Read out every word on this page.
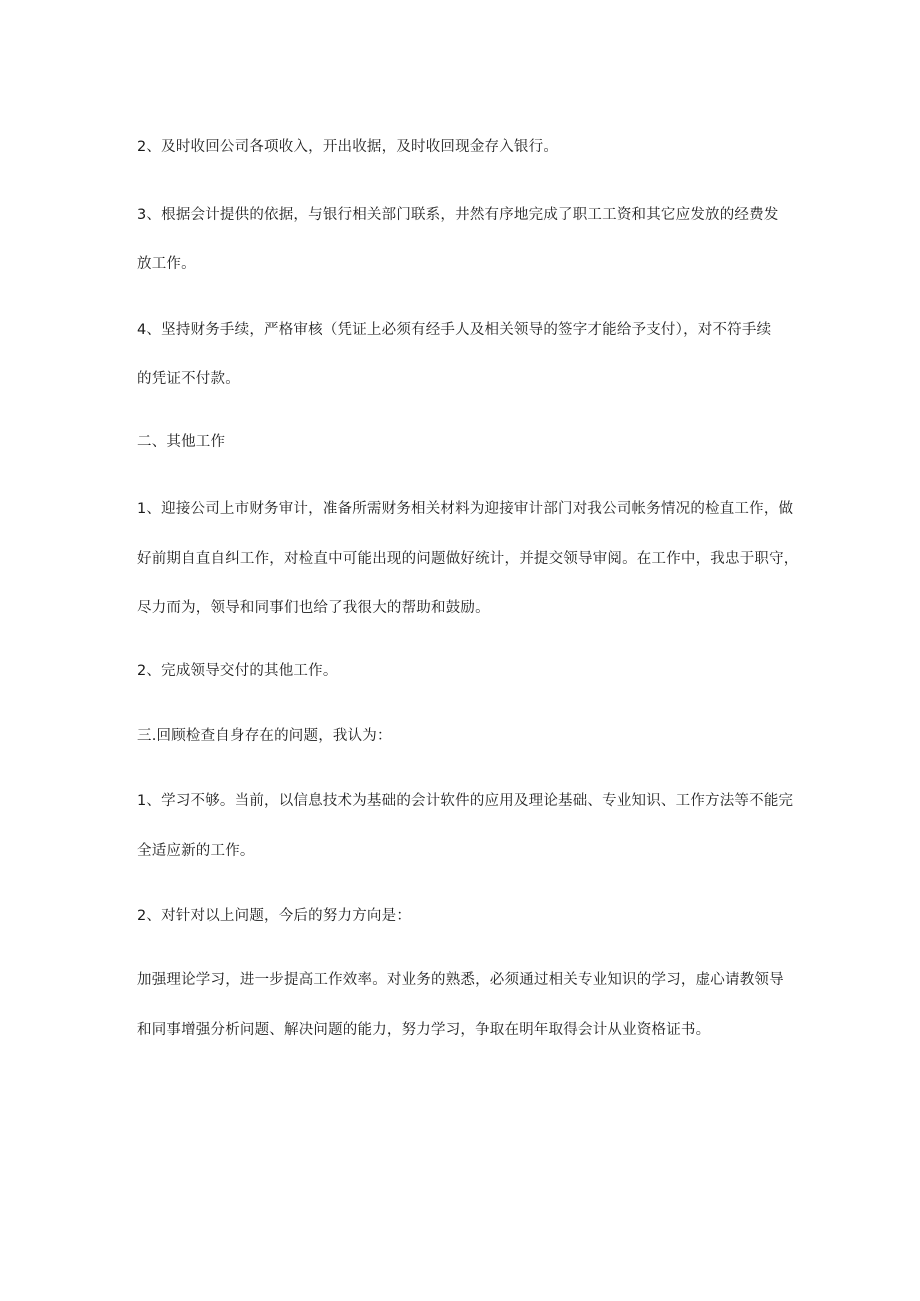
2、及时收回公司各项收入，开出收据，及时收回现金存入银行。
3、根据会计提供的依据，与银行相关部门联系，井然有序地完成了职工工资和其它应发放的经费发
放工作。
4、坚持财务手续，严格审核（凭证上必须有经手人及相关领导的签字才能给予支付），对不符手续
的凭证不付款。
二、其他工作
1、迎接公司上市财务审计，准备所需财务相关材料为迎接审计部门对我公司帐务情况的检直工作，做
好前期自直自纠工作，对检直中可能出现的问题做好统计，并提交领导审阅。在工作中，我忠于职守，
尽力而为，领导和同事们也给了我很大的帮助和鼓励。
2、完成领导交付的其他工作。
三.回顾检查自身存在的问题，我认为：
1、学习不够。当前，以信息技术为基础的会计软件的应用及理论基础、专业知识、工作方法等不能完
全适应新的工作。
2、对针对以上问题，今后的努力方向是：
加强理论学习，进一步提高工作效率。对业务的熟悉，必须通过相关专业知识的学习，虚心请教领导
和同事增强分析问题、解决问题的能力，努力学习，争取在明年取得会计从业资格证书。
